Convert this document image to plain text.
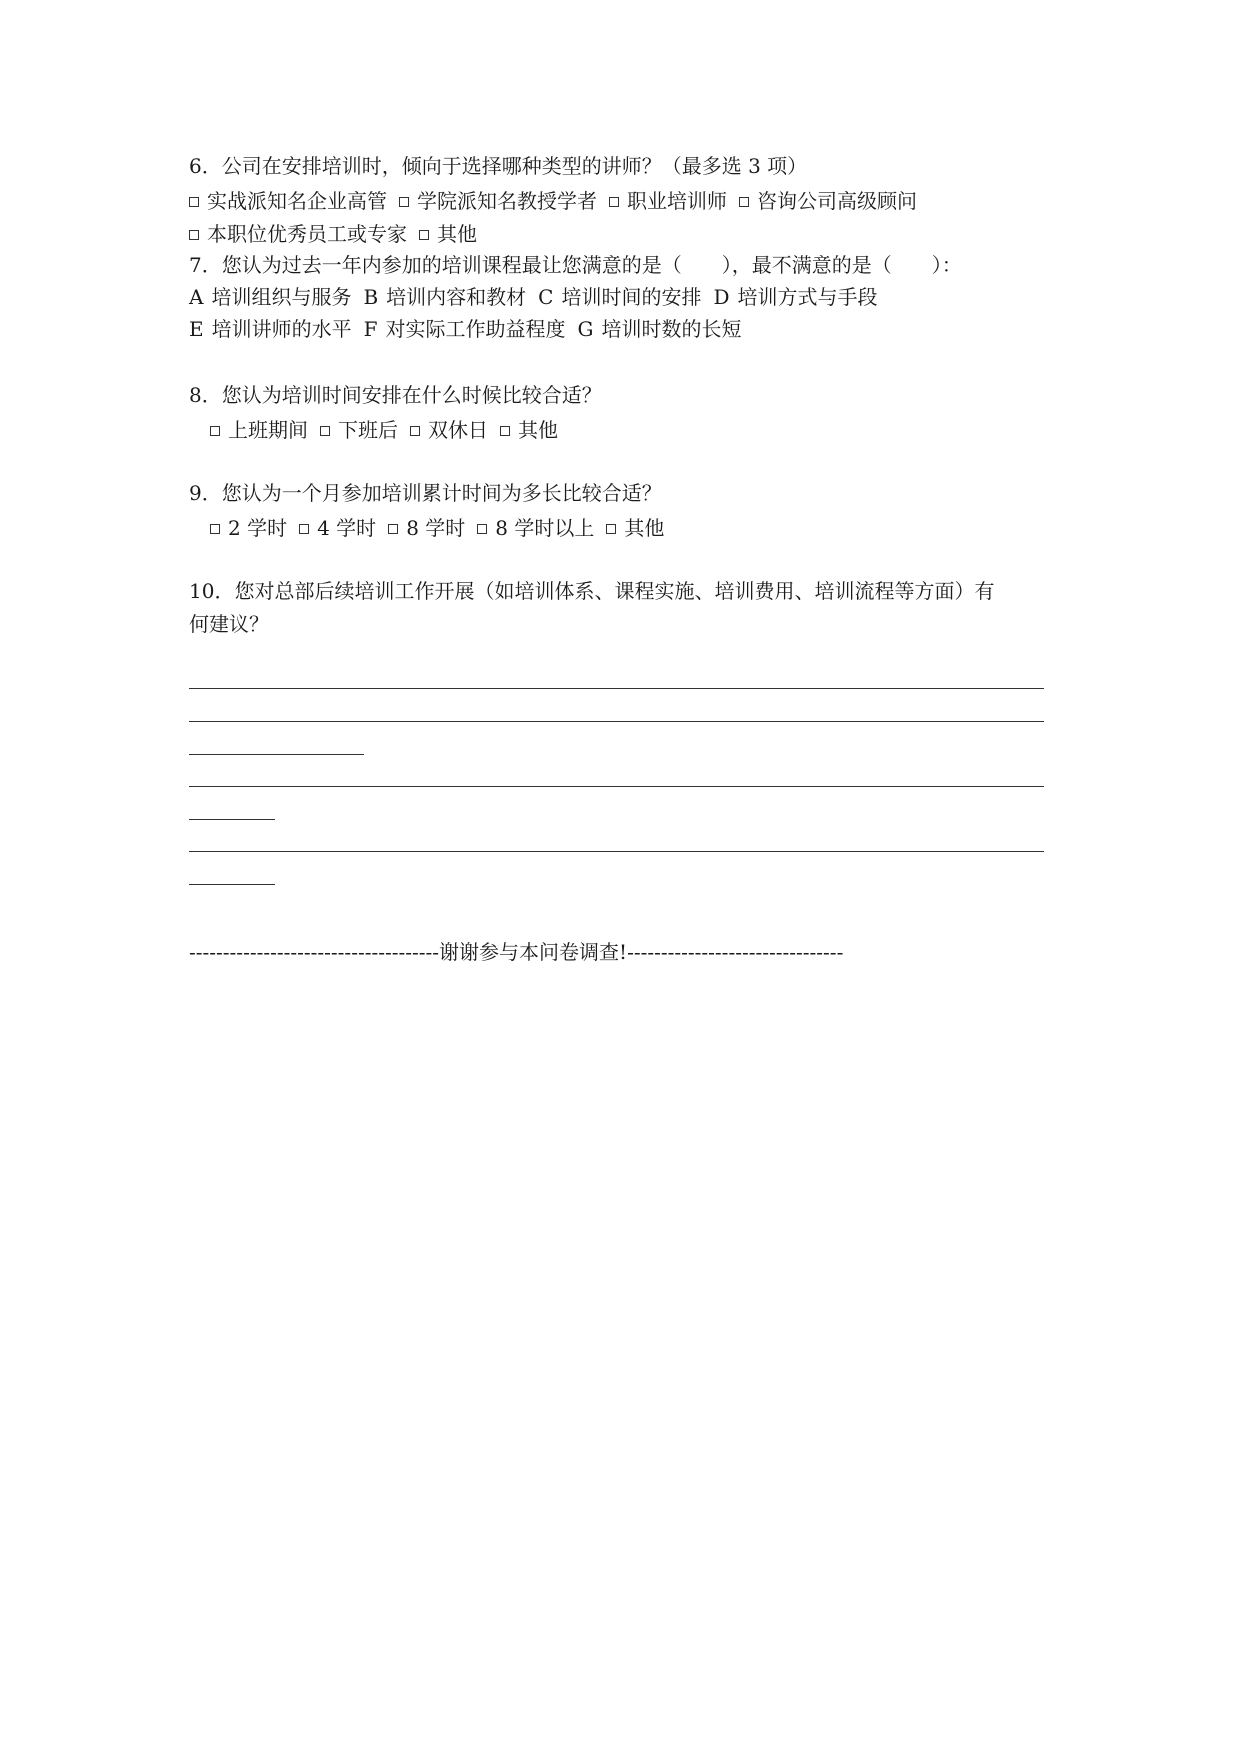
6．公司在安排培训时，倾向于选择哪种类型的讲师？（最多选 3 项）
实战派知名企业高管 学院派知名教授学者 职业培训师 咨询公司高级顾问
本职位优秀员工或专家 其他
7．您认为过去一年内参加的培训课程最让您满意的是（　　），最不满意的是（　　）：
A 培训组织与服务 B 培训内容和教材 C 培训时间的安排 D 培训方式与手段
E 培训讲师的水平 F 对实际工作助益程度 G 培训时数的长短
8．您认为培训时间安排在什么时候比较合适？
上班期间 下班后 双休日 其他
9．您认为一个月参加培训累计时间为多长比较合适？
2 学时 4 学时 8 学时 8 学时以上 其他
10．您对总部后续培训工作开展（如培训体系、课程实施、培训费用、培训流程等方面）有
何建议？
-------------------------------------谢谢参与本问卷调查!--------------------------------
